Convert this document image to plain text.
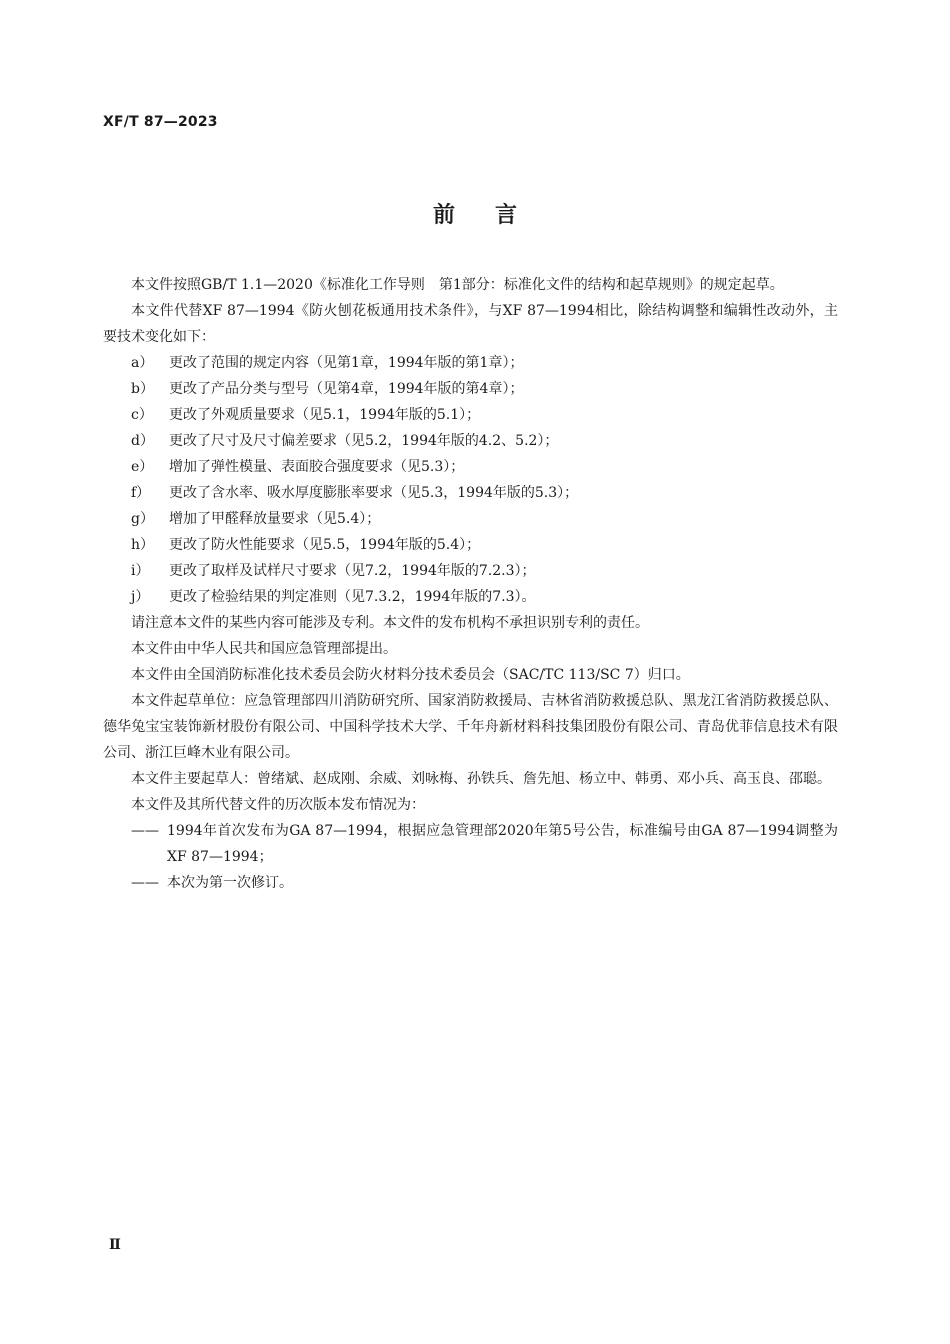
XF/T 87—2023
前言

本文件按照GB/T 1.1—2020《标准化工作导则　第1部分：标准化文件的结构和起草规则》的规定起草。

本文件代替XF 87—1994《防火刨花板通用技术条件》，与XF 87—1994相比，除结构调整和编辑性改动外，主要技术变化如下：

a）	更改了范围的规定内容（见第1章，1994年版的第1章）；
b）	更改了产品分类与型号（见第4章，1994年版的第4章）；
c）	更改了外观质量要求（见5.1，1994年版的5.1）；
d）	更改了尺寸及尺寸偏差要求（见5.2，1994年版的4.2、5.2）；
e）	增加了弹性模量、表面胶合强度要求（见5.3）；
f）	更改了含水率、吸水厚度膨胀率要求（见5.3，1994年版的5.3）；
g）	增加了甲醛释放量要求（见5.4）；
h）	更改了防火性能要求（见5.5，1994年版的5.4）；
i）	更改了取样及试样尺寸要求（见7.2，1994年版的7.2.3）；
j）	更改了检验结果的判定准则（见7.3.2，1994年版的7.3）。

请注意本文件的某些内容可能涉及专利。本文件的发布机构不承担识别专利的责任。

本文件由中华人民共和国应急管理部提出。

本文件由全国消防标准化技术委员会防火材料分技术委员会（SAC/TC 113/SC 7）归口。

本文件起草单位：应急管理部四川消防研究所、国家消防救援局、吉林省消防救援总队、黑龙江省消防救援总队、德华兔宝宝装饰新材股份有限公司、中国科学技术大学、千年舟新材料科技集团股份有限公司、青岛优菲信息技术有限公司、浙江巨峰木业有限公司。

本文件主要起草人：曾绪斌、赵成刚、余威、刘咏梅、孙铁兵、詹先旭、杨立中、韩勇、邓小兵、高玉良、邵聪。

本文件及其所代替文件的历次版本发布情况为：

—— 1994年首次发布为GA 87—1994，根据应急管理部2020年第5号公告，标准编号由GA 87—1994调整为XF 87—1994；
—— 本次为第一次修订。
Ⅱ
